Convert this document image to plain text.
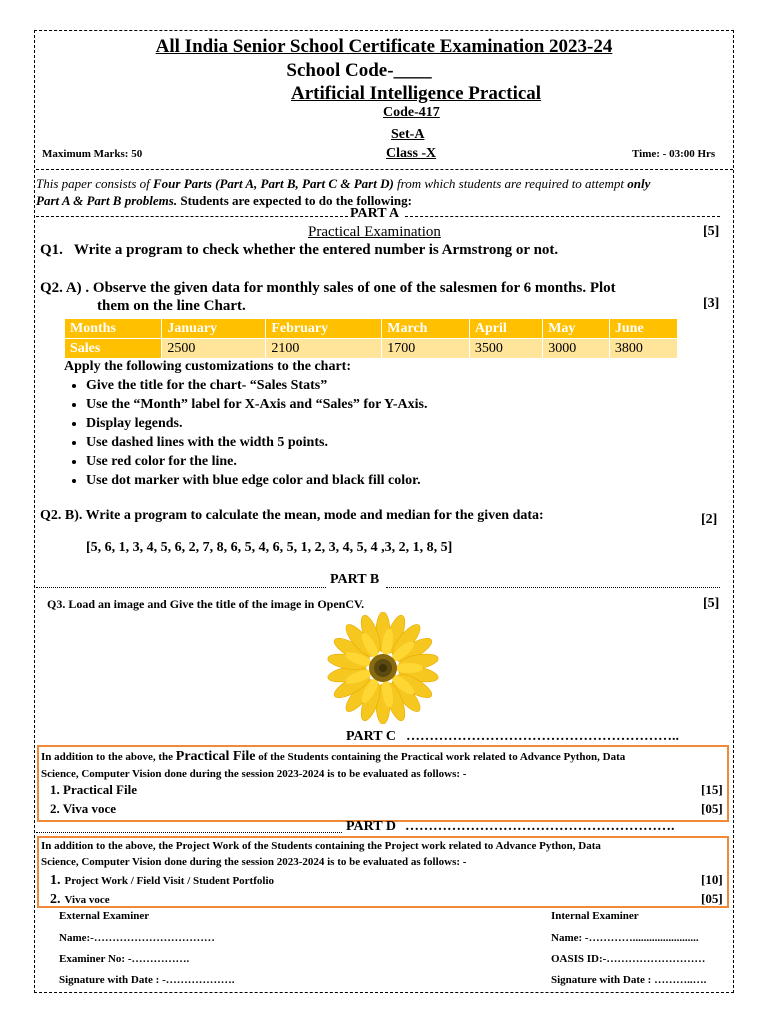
All India Senior School Certificate Examination 2023-24
School Code-____
Artificial Intelligence Practical
Code-417
Set-A
Maximum Marks: 50	Class -X	Time: - 03:00 Hrs
This paper consists of Four Parts (Part A, Part B, Part C & Part D) from which students are required to attempt only
Part A & Part B problems. Students are expected to do the following:
PART A
Practical Examination	[5]
Q1.   Write a program to check whether the entered number is Armstrong or not.
Q2. A) . Observe the given data for monthly sales of one of the salesmen for 6 months. Plot
them on the line Chart.	[3]
Months	January	February	March	April	May	June
Sales	2500	2100	1700	3500	3000	3800
Apply the following customizations to the chart:
• Give the title for the chart- “Sales Stats”
• Use the “Month” label for X-Axis and “Sales” for Y-Axis.
• Display legends.
• Use dashed lines with the width 5 points.
• Use red color for the line.
• Use dot marker with blue edge color and black fill color.
Q2. B). Write a program to calculate the mean, mode and median for the given data:	[2]
[5, 6, 1, 3, 4, 5, 6, 2, 7, 8, 6, 5, 4, 6, 5, 1, 2, 3, 4, 5, 4 ,3, 2, 1, 8, 5]
PART B
Q3. Load an image and Give the title of the image in OpenCV.	[5]
PART C …………………………………………………..
In addition to the above, the Practical File of the Students containing the Practical work related to Advance Python, Data
Science, Computer Vision done during the session 2023-2024 is to be evaluated as follows: -
1. Practical File	[15]
2. Viva voce	[05]
PART D ………………………………………………….
In addition to the above, the Project Work of the Students containing the Project work related to Advance Python, Data
Science, Computer Vision done during the session 2023-2024 is to be evaluated as follows: -
1. Project Work / Field Visit / Student Portfolio	[10]
2. Viva voce	[05]
External Examiner	Internal Examiner
Name:-……………………………	Name: -…………........................
Examiner No: -…………….	OASIS ID:-………………………
Signature with Date : -……………….	Signature with Date : ………..….
